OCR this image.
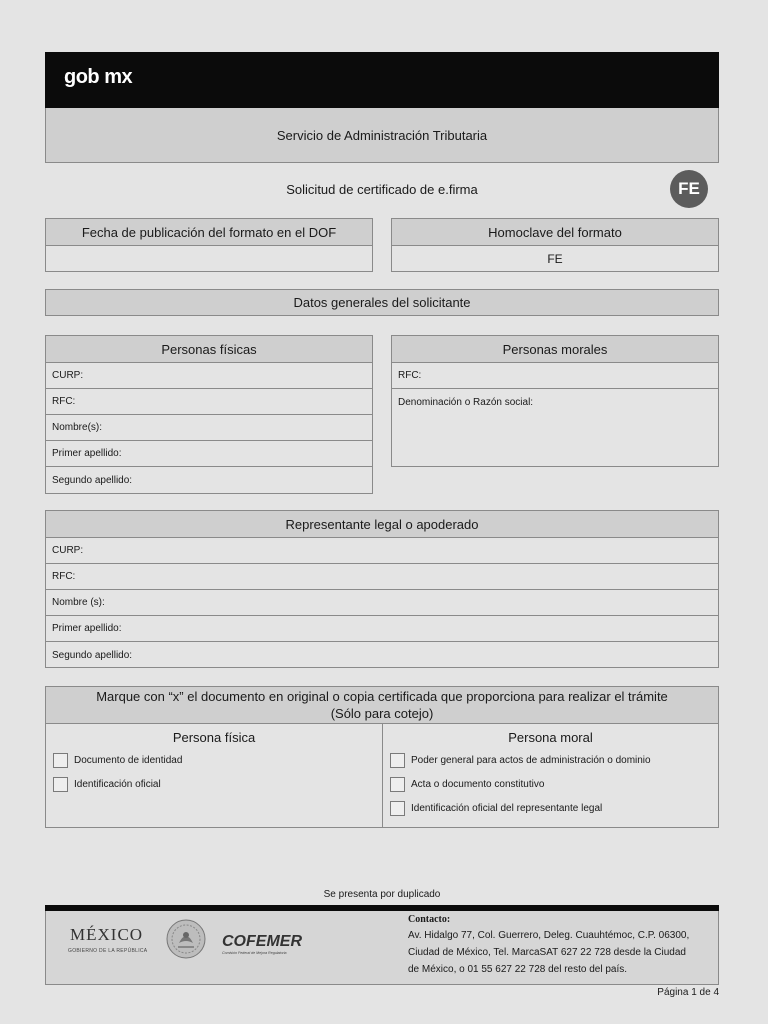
gob mx
Servicio de Administración Tributaria
Solicitud de certificado de e.firma	FE
Fecha de publicación del formato en el DOF	Homoclave del formato
FE
Datos generales del solicitante
Personas físicas
CURP:
RFC:
Nombre(s):
Primer apellido:
Segundo apellido:
Personas morales
RFC:
Denominación o Razón social:
Representante legal o apoderado
CURP:
RFC:
Nombre (s):
Primer apellido:
Segundo apellido:
Marque con “x” el documento en original o copia certificada que proporciona para realizar el trámite
(Sólo para cotejo)
Persona física
Documento de identidad
Identificación oficial
Persona moral
Poder general para actos de administración o dominio
Acta o documento constitutivo
Identificación oficial del representante legal
Se presenta por duplicado
MÉXICO
GOBIERNO DE LA REPÚBLICA
COFEMER
Comisión Federal de Mejora Regulatoria
Contacto:
Av. Hidalgo 77, Col. Guerrero, Deleg. Cuauhtémoc, C.P. 06300,
Ciudad de México, Tel. MarcaSAT 627 22 728 desde la Ciudad
de México, o 01 55 627 22 728 del resto del país.
Página 1 de 4
